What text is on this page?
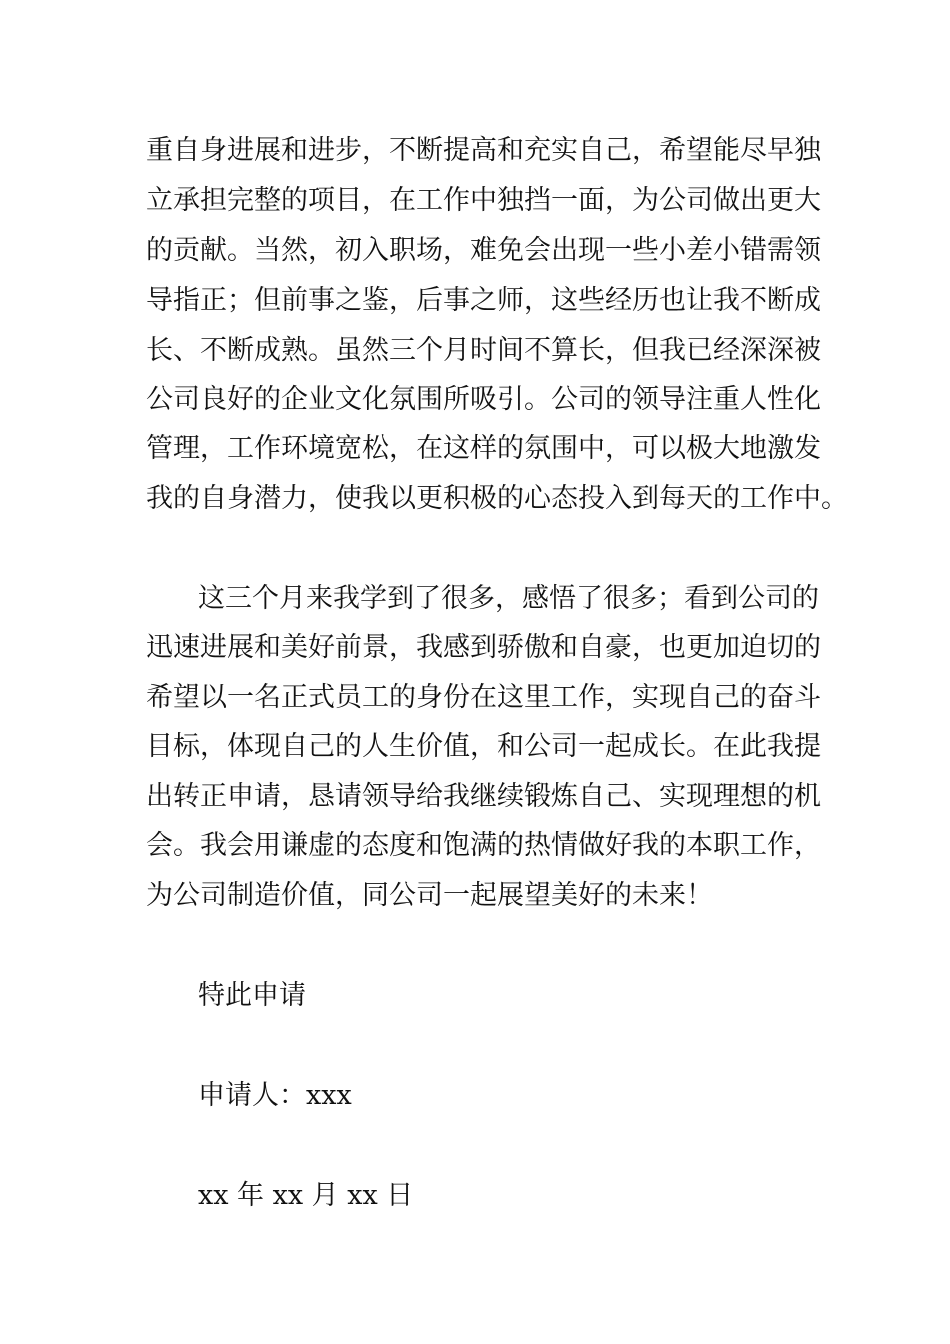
重自身进展和进步，不断提高和充实自己，希望能尽早独
立承担完整的项目，在工作中独挡一面，为公司做出更大
的贡献。当然，初入职场，难免会出现一些小差小错需领
导指正；但前事之鉴，后事之师，这些经历也让我不断成
长、不断成熟。虽然三个月时间不算长，但我已经深深被
公司良好的企业文化氛围所吸引。公司的领导注重人性化
管理，工作环境宽松，在这样的氛围中，可以极大地激发
我的自身潜力，使我以更积极的心态投入到每天的工作中。
这三个月来我学到了很多，感悟了很多；看到公司的
迅速进展和美好前景，我感到骄傲和自豪，也更加迫切的
希望以一名正式员工的身份在这里工作，实现自己的奋斗
目标，体现自己的人生价值，和公司一起成长。在此我提
出转正申请，恳请领导给我继续锻炼自己、实现理想的机
会。我会用谦虚的态度和饱满的热情做好我的本职工作，
为公司制造价值，同公司一起展望美好的未来！
特此申请
申请人：xxx
xx 年 xx 月 xx 日
